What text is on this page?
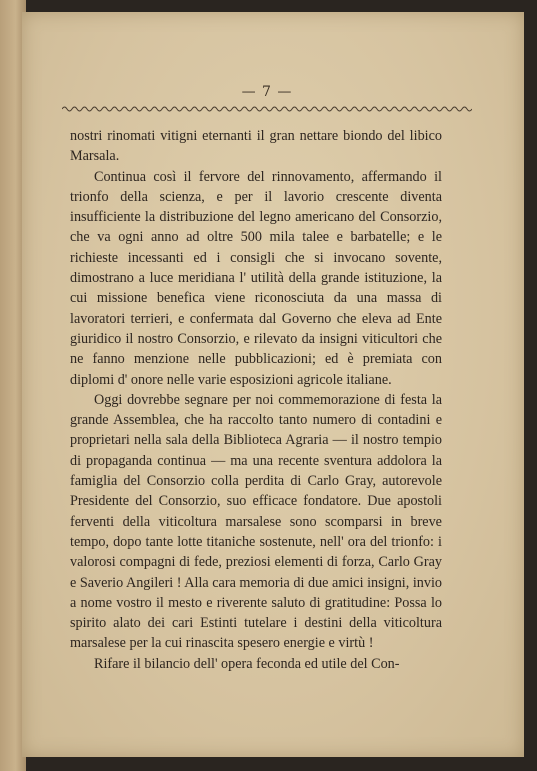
— 7 —

nostri rinomati vitigni eternanti il gran nettare biondo del libico Marsala.

Continua così il fervore del rinnovamento, affermando il trionfo della scienza, e per il lavorio crescente diventa insufficiente la distribuzione del legno americano del Consorzio, che va ogni anno ad oltre 500 mila talee e barbatelle; e le richieste incessanti ed i consigli che si invocano sovente, dimostrano a luce meridiana l' utilità della grande istituzione, la cui missione benefica viene riconosciuta da una massa di lavoratori terrieri, e confermata dal Governo che eleva ad Ente giuridico il nostro Consorzio, e rilevato da insigni viticultori che ne fanno menzione nelle pubblicazioni; ed è premiata con diplomi d' onore nelle varie esposizioni agricole italiane.

Oggi dovrebbe segnare per noi commemorazione di festa la grande Assemblea, che ha raccolto tanto numero di contadini e proprietari nella sala della Biblioteca Agraria — il nostro tempio di propaganda continua — ma una recente sventura addolora la famiglia del Consorzio colla perdita di Carlo Gray, autorevole Presidente del Consorzio, suo efficace fondatore. Due apostoli ferventi della viticoltura marsalese sono scomparsi in breve tempo, dopo tante lotte titaniche sostenute, nell' ora del trionfo: i valorosi compagni di fede, preziosi elementi di forza, Carlo Gray e Saverio Angileri ! Alla cara memoria di due amici insigni, invio a nome vostro il mesto e riverente saluto di gratitudine: Possa lo spirito alato dei cari Estinti tutelare i destini della viticoltura marsalese per la cui rinascita spesero energie e virtù !

Rifare il bilancio dell' opera feconda ed utile del Con-
